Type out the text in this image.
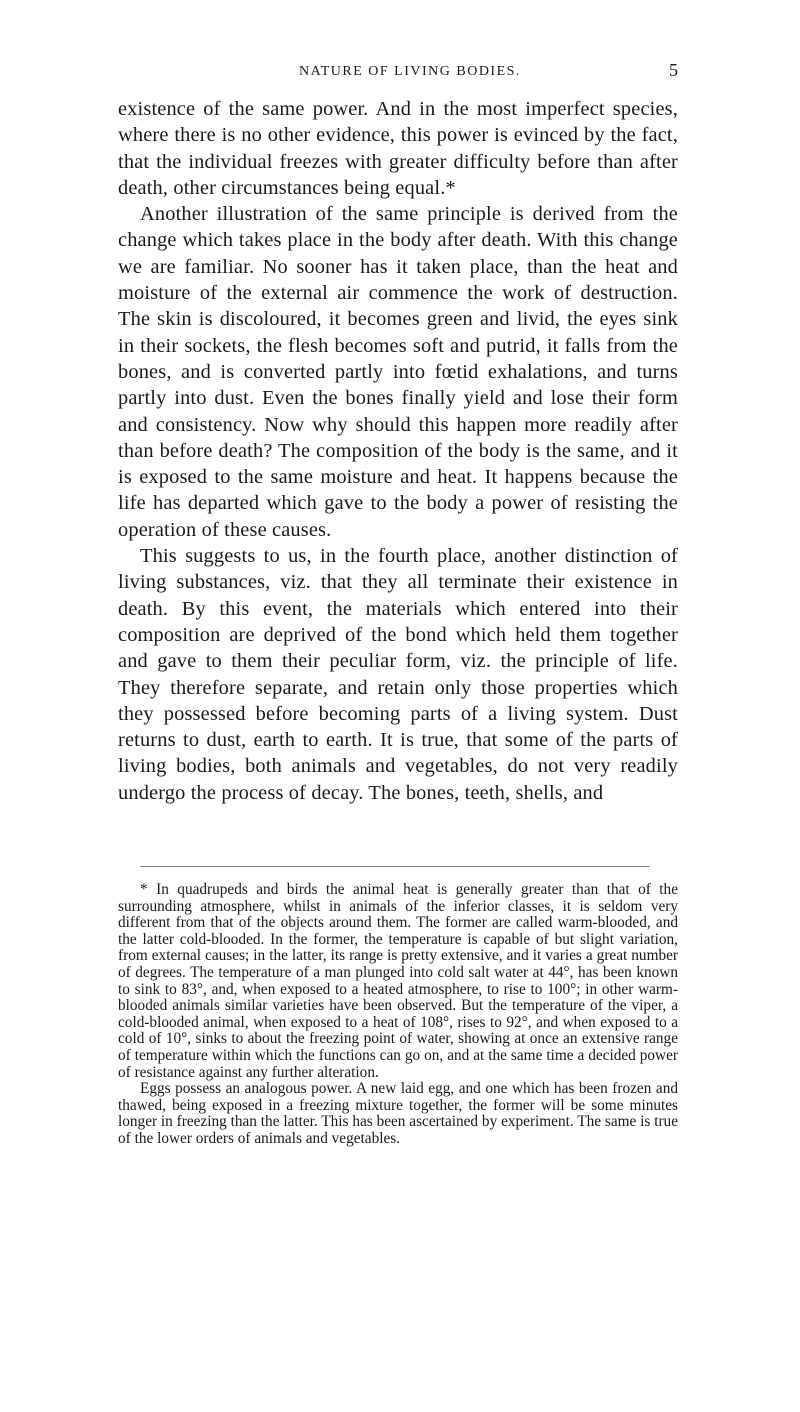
NATURE OF LIVING BODIES.	5

existence of the same power. And in the most imperfect species, where there is no other evidence, this power is evinced by the fact, that the individual freezes with greater difficulty before than after death, other circumstances being equal.*

Another illustration of the same principle is derived from the change which takes place in the body after death. With this change we are familiar. No sooner has it taken place, than the heat and moisture of the external air commence the work of destruction. The skin is discoloured, it becomes green and livid, the eyes sink in their sockets, the flesh becomes soft and putrid, it falls from the bones, and is converted partly into fœtid exhalations, and turns partly into dust. Even the bones finally yield and lose their form and consistency. Now why should this happen more readily after than before death? The composition of the body is the same, and it is exposed to the same moisture and heat. It happens because the life has departed which gave to the body a power of resisting the operation of these causes.

This suggests to us, in the fourth place, another distinction of living substances, viz. that they all terminate their existence in death. By this event, the materials which entered into their composition are deprived of the bond which held them together and gave to them their peculiar form, viz. the principle of life. They therefore separate, and retain only those properties which they possessed before becoming parts of a living system. Dust returns to dust, earth to earth. It is true, that some of the parts of living bodies, both animals and vegetables, do not very readily undergo the process of decay. The bones, teeth, shells, and

* In quadrupeds and birds the animal heat is generally greater than that of the surrounding atmosphere, whilst in animals of the inferior classes, it is seldom very different from that of the objects around them. The former are called warm-blooded, and the latter cold-blooded. In the former, the temperature is capable of but slight variation, from external causes; in the latter, its range is pretty extensive, and it varies a great number of degrees. The temperature of a man plunged into cold salt water at 44°, has been known to sink to 83°, and, when exposed to a heated atmosphere, to rise to 100°; in other warm-blooded animals similar varieties have been observed. But the temperature of the viper, a cold-blooded animal, when exposed to a heat of 108°, rises to 92°, and when exposed to a cold of 10°, sinks to about the freezing point of water, showing at once an extensive range of temperature within which the functions can go on, and at the same time a decided power of resistance against any further alteration.

Eggs possess an analogous power. A new laid egg, and one which has been frozen and thawed, being exposed in a freezing mixture together, the former will be some minutes longer in freezing than the latter. This has been ascertained by experiment. The same is true of the lower orders of animals and vegetables.
